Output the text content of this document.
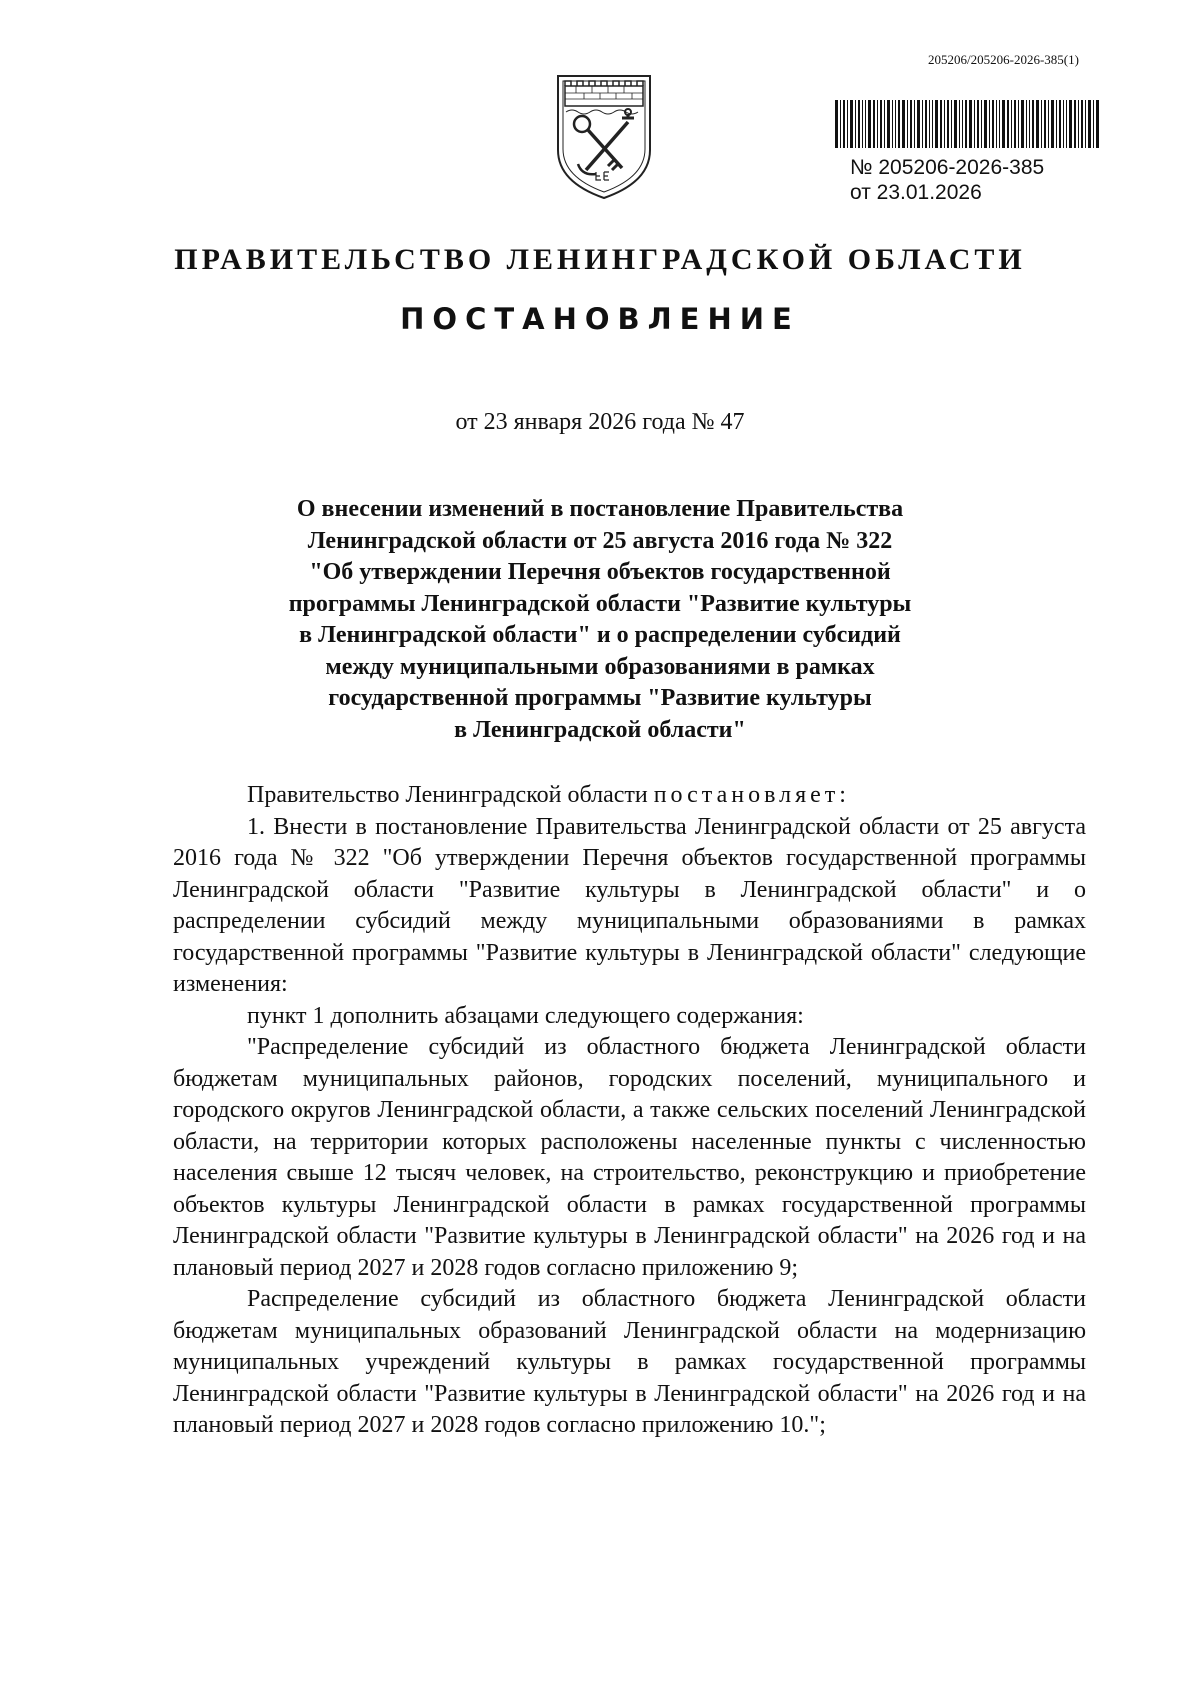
205206/205206-2026-385(1)
№ 205206-2026-385
от 23.01.2026
ПРАВИТЕЛЬСТВО ЛЕНИНГРАДСКОЙ ОБЛАСТИ
ПОСТАНОВЛЕНИЕ
от 23 января 2026 года № 47
О внесении изменений в постановление Правительства
Ленинградской области от 25 августа 2016 года № 322
"Об утверждении Перечня объектов государственной
программы Ленинградской области "Развитие культуры
в Ленинградской области" и о распределении субсидий
между муниципальными образованиями в рамках
государственной программы "Развитие культуры
в Ленинградской области"

Правительство Ленинградской области постановляет:

1. Внести в постановление Правительства Ленинградской области от 25 августа 2016 года № 322 "Об утверждении Перечня объектов государственной программы Ленинградской области "Развитие культуры в Ленинградской области" и о распределении субсидий между муниципальными образованиями в рамках государственной программы "Развитие культуры в Ленинградской области" следующие изменения:

пункт 1 дополнить абзацами следующего содержания:

"Распределение субсидий из областного бюджета Ленинградской области бюджетам муниципальных районов, городских поселений, муниципального и городского округов Ленинградской области, а также сельских поселений Ленинградской области, на территории которых расположены населенные пункты с численностью населения свыше 12 тысяч человек, на строительство, реконструкцию и приобретение объектов культуры Ленинградской области в рамках государственной программы Ленинградской области "Развитие культуры в Ленинградской области" на 2026 год и на плановый период 2027 и 2028 годов согласно приложению 9;

Распределение субсидий из областного бюджета Ленинградской области бюджетам муниципальных образований Ленинградской области на модернизацию муниципальных учреждений культуры в рамках государственной программы Ленинградской области "Развитие культуры в Ленинградской области" на 2026 год и на плановый период 2027 и 2028 годов согласно приложению 10.";
